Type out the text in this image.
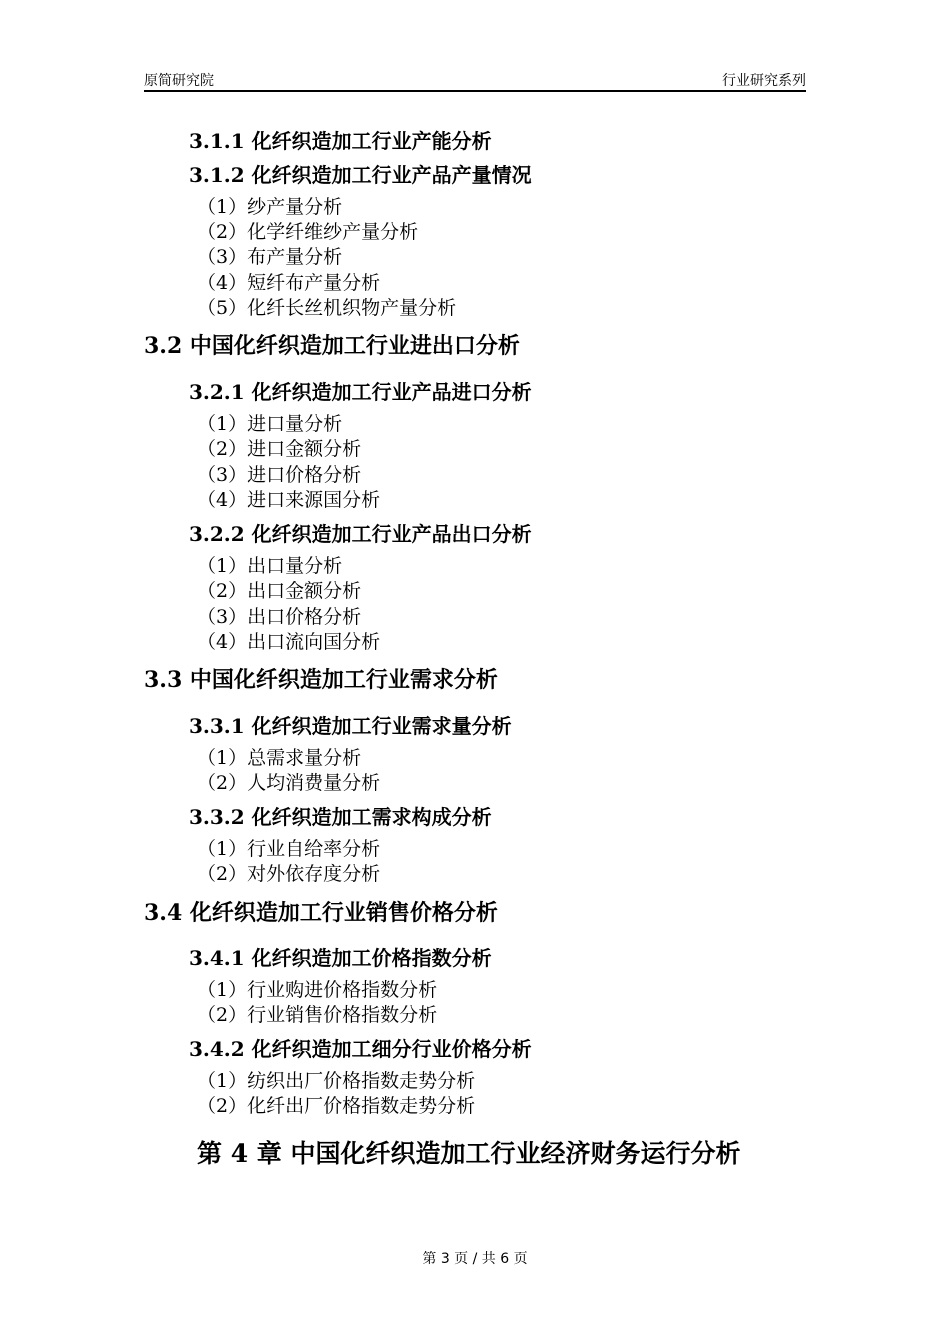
原简研究院	行业研究系列
3.1.1 化纤织造加工行业产能分析
3.1.2 化纤织造加工行业产品产量情况
（1）纱产量分析
（2）化学纤维纱产量分析
（3）布产量分析
（4）短纤布产量分析
（5）化纤长丝机织物产量分析
3.2 中国化纤织造加工行业进出口分析
3.2.1 化纤织造加工行业产品进口分析
（1）进口量分析
（2）进口金额分析
（3）进口价格分析
（4）进口来源国分析
3.2.2 化纤织造加工行业产品出口分析
（1）出口量分析
（2）出口金额分析
（3）出口价格分析
（4）出口流向国分析
3.3 中国化纤织造加工行业需求分析
3.3.1 化纤织造加工行业需求量分析
（1）总需求量分析
（2）人均消费量分析
3.3.2 化纤织造加工需求构成分析
（1）行业自给率分析
（2）对外依存度分析
3.4 化纤织造加工行业销售价格分析
3.4.1 化纤织造加工价格指数分析
（1）行业购进价格指数分析
（2）行业销售价格指数分析
3.4.2 化纤织造加工细分行业价格分析
（1）纺织出厂价格指数走势分析
（2）化纤出厂价格指数走势分析
第 4 章 中国化纤织造加工行业经济财务运行分析
第 3 页 / 共 6 页
